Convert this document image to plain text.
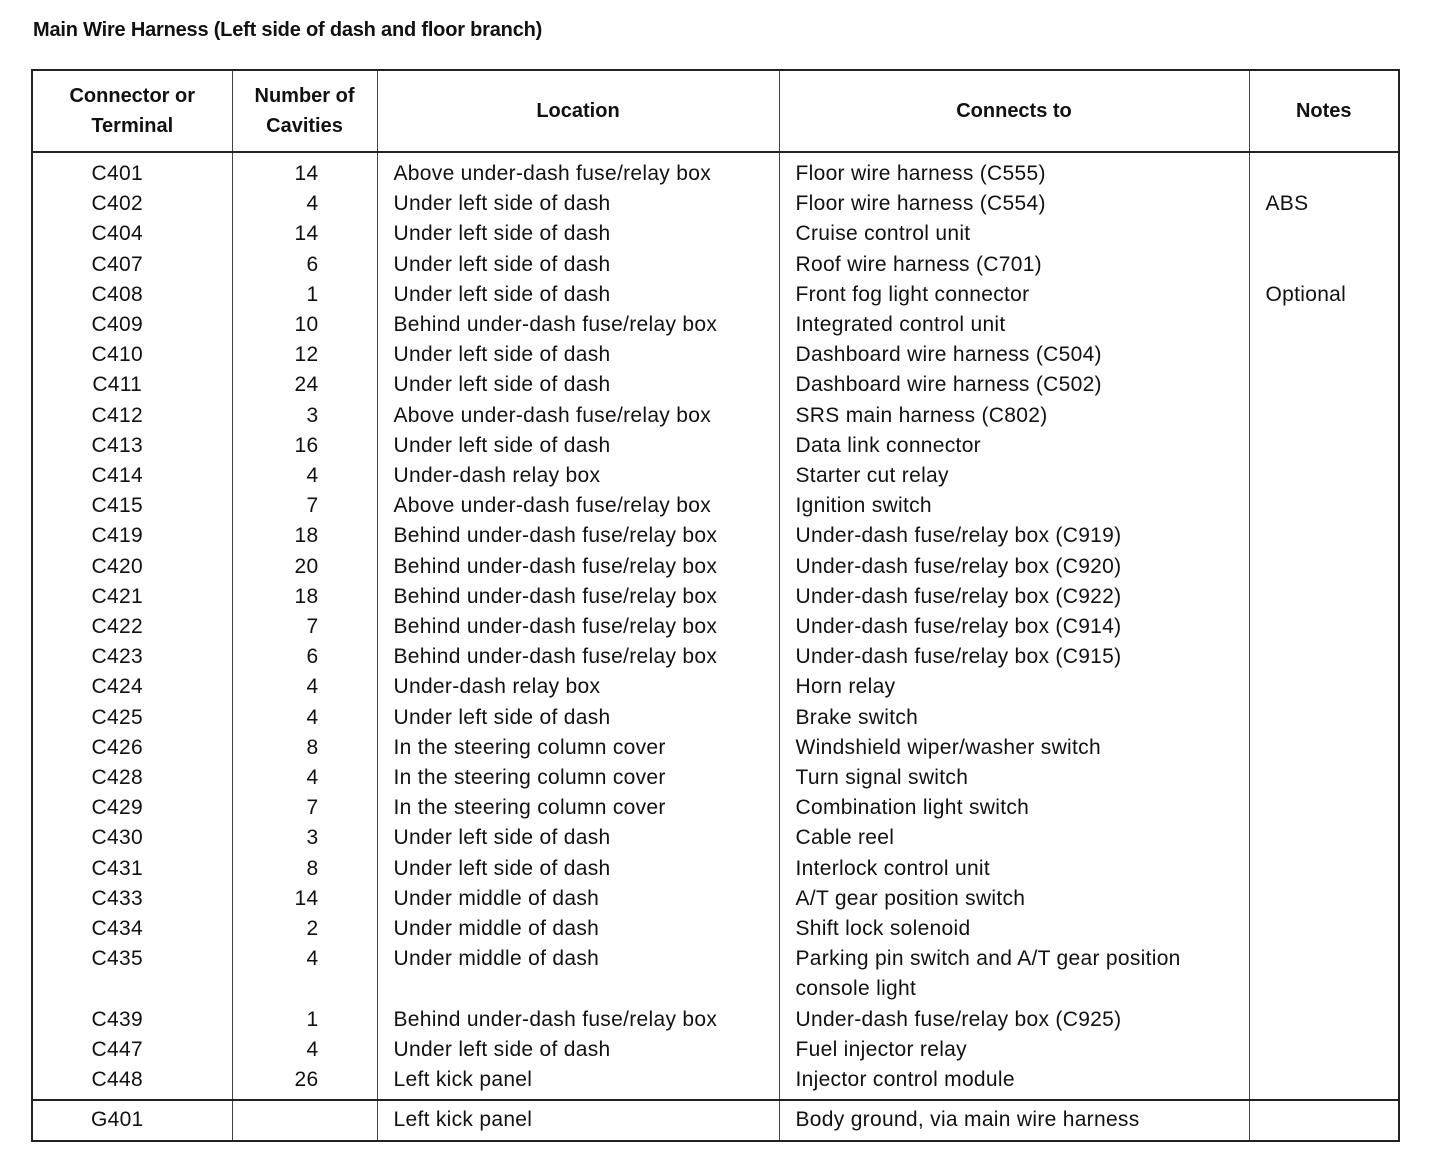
Main Wire Harness (Left side of dash and floor branch)
Connector or Terminal	Number of Cavities	Location	Connects to	Notes
C401	14	Above under-dash fuse/relay box	Floor wire harness (C555)	
C402	4	Under left side of dash	Floor wire harness (C554)	ABS
C404	14	Under left side of dash	Cruise control unit	
C407	6	Under left side of dash	Roof wire harness (C701)	
C408	1	Under left side of dash	Front fog light connector	Optional
C409	10	Behind under-dash fuse/relay box	Integrated control unit	
C410	12	Under left side of dash	Dashboard wire harness (C504)	
C411	24	Under left side of dash	Dashboard wire harness (C502)	
C412	3	Above under-dash fuse/relay box	SRS main harness (C802)	
C413	16	Under left side of dash	Data link connector	
C414	4	Under-dash relay box	Starter cut relay	
C415	7	Above under-dash fuse/relay box	Ignition switch	
C419	18	Behind under-dash fuse/relay box	Under-dash fuse/relay box (C919)	
C420	20	Behind under-dash fuse/relay box	Under-dash fuse/relay box (C920)	
C421	18	Behind under-dash fuse/relay box	Under-dash fuse/relay box (C922)	
C422	7	Behind under-dash fuse/relay box	Under-dash fuse/relay box (C914)	
C423	6	Behind under-dash fuse/relay box	Under-dash fuse/relay box (C915)	
C424	4	Under-dash relay box	Horn relay	
C425	4	Under left side of dash	Brake switch	
C426	8	In the steering column cover	Windshield wiper/washer switch	
C428	4	In the steering column cover	Turn signal switch	
C429	7	In the steering column cover	Combination light switch	
C430	3	Under left side of dash	Cable reel	
C431	8	Under left side of dash	Interlock control unit	
C433	14	Under middle of dash	A/T gear position switch	
C434	2	Under middle of dash	Shift lock solenoid	
C435	4	Under middle of dash	Parking pin switch and A/T gear position console light	
C439	1	Behind under-dash fuse/relay box	Under-dash fuse/relay box (C925)	
C447	4	Under left side of dash	Fuel injector relay	
C448	26	Left kick panel	Injector control module	
G401		Left kick panel	Body ground, via main wire harness	
